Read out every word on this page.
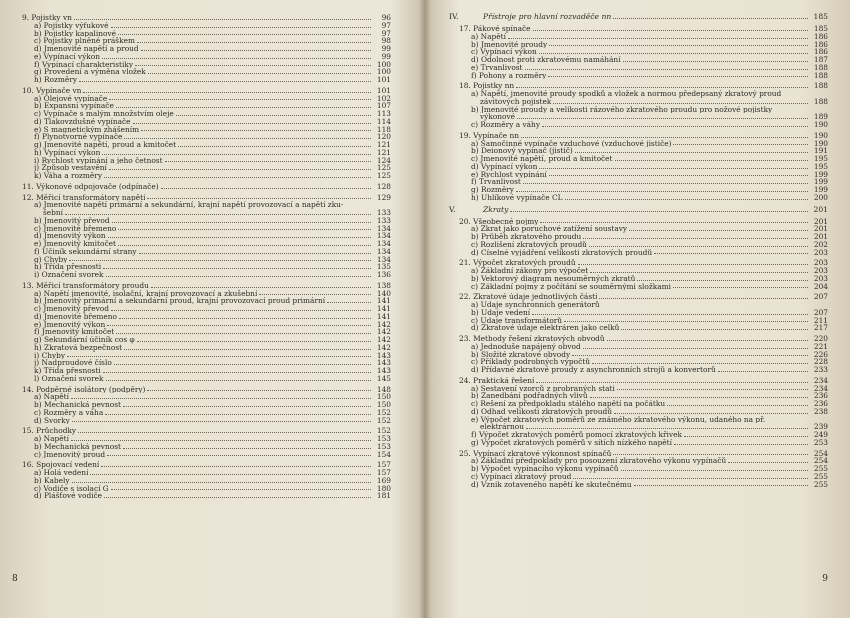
9. Pojistky vn	96
a) Pojistky výfukové	97
b) Pojistky kapalinové	97
c) Pojistky plněné práškem	98
d) Jmenovité napětí a proud	99
e) Vypínací výkon	99
f) Vypínací charakteristiky	100
g) Provedení a výměna vložek	100
h) Rozměry	101
10. Vypínače vn	101
a) Olejové vypínače	102
b) Expansní vypínače	107
c) Vypínače s malým množstvím oleje	113
d) Tlakovzdušné vypínače	114
e) S magnetickým zhášením	118
f) Plynotvorné vypínače	120
g) Jmenovité napětí, proud a kmitočet	121
h) Vypínací výkon	121
i) Rychlost vypínání a jeho četnost	124
j) Způsob vestavění	125
k) Váha a rozměry	125
11. Výkonové odpojovače (odpínače)	128
12. Měřicí transformátory napětí	129
a) Jmenovité napětí primární a sekundární, krajní napětí provozovací a napětí zku-
šební	133
b) Jmenovitý převod	133
c) Jmenovité břemeno	134
d) Jmenovitý výkon	134
e) Jmenovitý kmitočet	134
f) Účiník sekundární strany	134
g) Chyby	134
h) Třída přesnosti	135
i) Označení svorek	136
13. Měřicí transformátory proudu	138
a) Napětí jmenovité, isolační, krajní provozovací a zkušební	140
b) Jmenovitý primární a sekundární proud, krajní provozovací proud primární	141
c) Jmenovitý převod	141
d) Jmenovité břemeno	141
e) Jmenovitý výkon	142
f) Jmenovitý kmitočet	142
g) Sekundární účiník cos φ	142
h) Zkratová bezpečnost	142
i) Chyby	143
j) Nadproudové číslo	143
k) Třída přesnosti	143
l) Označení svorek	145
14. Podpěrné isolátory (podpěry)	148
a) Napětí	150
b) Mechanická pevnost	150
c) Rozměry a váha	152
d) Svorky	152
15. Průchodky	152
a) Napětí	153
b) Mechanická pevnost	153
c) Jmenovitý proud	154
16. Spojovací vedení	157
a) Holá vedení	157
b) Kabely	169
c) Vodiče s isolací G	180
d) Plášťové vodiče	181
8
IV.	Přístroje pro hlavní rozvaděče nn	185
17. Pákové spínače	185
a) Napětí	186
b) Jmenovité proudy	186
c) Vypínací výkon	186
d) Odolnost proti zkratovému namáhání	187
e) Trvanlivost	188
f) Pohony a rozměry	188
18. Pojistky nn	188
a) Napětí, jmenovité proudy spodků a vložek a normou předepsaný zkratový proud
závitových pojistek	188
b) Jmenovité proudy a velikosti rázového zkratového proudu pro nožové pojistky
výkonové	189
c) Rozměry a váhy	190
19. Vypínače nn	190
a) Samočinné vypínače vzduchové (vzduchové jističe)	190
b) Deionový vypínač (jistič)	191
c) Jmenovité napětí, proud a kmitočet	195
d) Vypínací výkon	195
e) Rychlost vypínání	199
f) Trvanlivost	199
g) Rozměry	199
h) Uhlíkové vypínače CL	200
V.	Zkraty	201
20. Všeobecné pojmy	201
a) Zkrat jako poruchové zatížení soustavy	201
b) Průběh zkratového proudu	201
c) Rozlišení zkratových proudů	202
d) Číselné vyjádření velikosti zkratových proudů	203
21. Výpočet zkratových proudů	203
a) Základní zákony pro výpočet	203
b) Vektorový diagram nesouměrných zkratů	203
c) Základní pojmy z počítání se souměrnými složkami	204
22. Zkratové údaje jednotlivých částí	207
a) Údaje synchronních generátorů
b) Údaje vedení	207
c) Údaje transformátorů	211
d) Zkratové údaje elektráren jako celků	217
23. Methody řešení zkratových obvodů	220
a) Jednoduše napájený obvod	221
b) Složité zkratové obvody	226
c) Příklady podrobných výpočtů	228
d) Přídavné zkratové proudy z asynchronních strojů a konvertorů	233
24. Praktická řešení	234
a) Sestavení vzorců z probraných stati	234
b) Zanedbání podřadných vlivů	236
c) Řešení za předpokladu stálého napětí na počátku	236
d) Odhad velikosti zkratových proudů	238
e) Výpočet zkratových poměrů ze známého zkratového výkonu, udaného na př.
elektrárnou	239
f) Výpočet zkratových poměrů pomocí zkratových křivek	249
g) Výpočet zkratových poměrů v sítích nízkého napětí	253
25. Vypínací zkratové výkonnost spínačů	254
a) Základní předpoklady pro posouzení zkratového výkonu vypínačů	254
b) Výpočet vypínacího výkonu vypínačů	255
c) Vypínací zkratový proud	255
d) Vznik zotaveného napětí ke skutečnému	255
9
